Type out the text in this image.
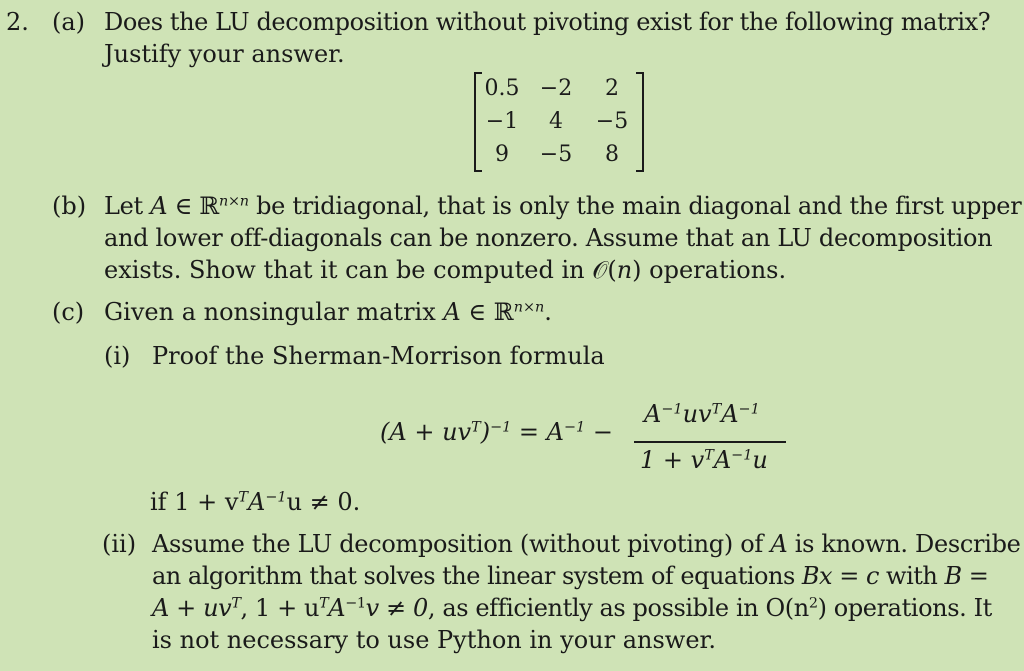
2. (a) Does the LU decomposition without pivoting exist for the following matrix?
Justify your answer.
0.5 −2	2
−1	4	−5
9	−5	8
(b) Let A ∈ ℝ$^{n\times n}$ be tridiagonal, that is only the main diagonal and the first upper
and lower off-diagonals can be nonzero. Assume that an LU decomposition
exists. Show that it can be computed in 𝒪(n) operations.
(c) Given a nonsingular matrix A ∈ ℝ$^{n\times n}$.
(i) Proof the Sherman-Morrison formula
$(A + uv^T)^{-1} = A^{-1}$ −
$A^{-1}uv^TA^{-1}$
$1 + v^TA^{-1}u$
if $1 + v^TA^{-1}u \ne 0$.
(ii) Assume the LU decomposition (without pivoting) of A is known. Describe
an algorithm that solves the linear system of equations Bx = c with B =
$A + uv^T$, $1 + u^TA^{-1}v \ne 0$, as efficiently as possible in $O(n^2)$ operations. It
is not necessary to use Python in your answer.
